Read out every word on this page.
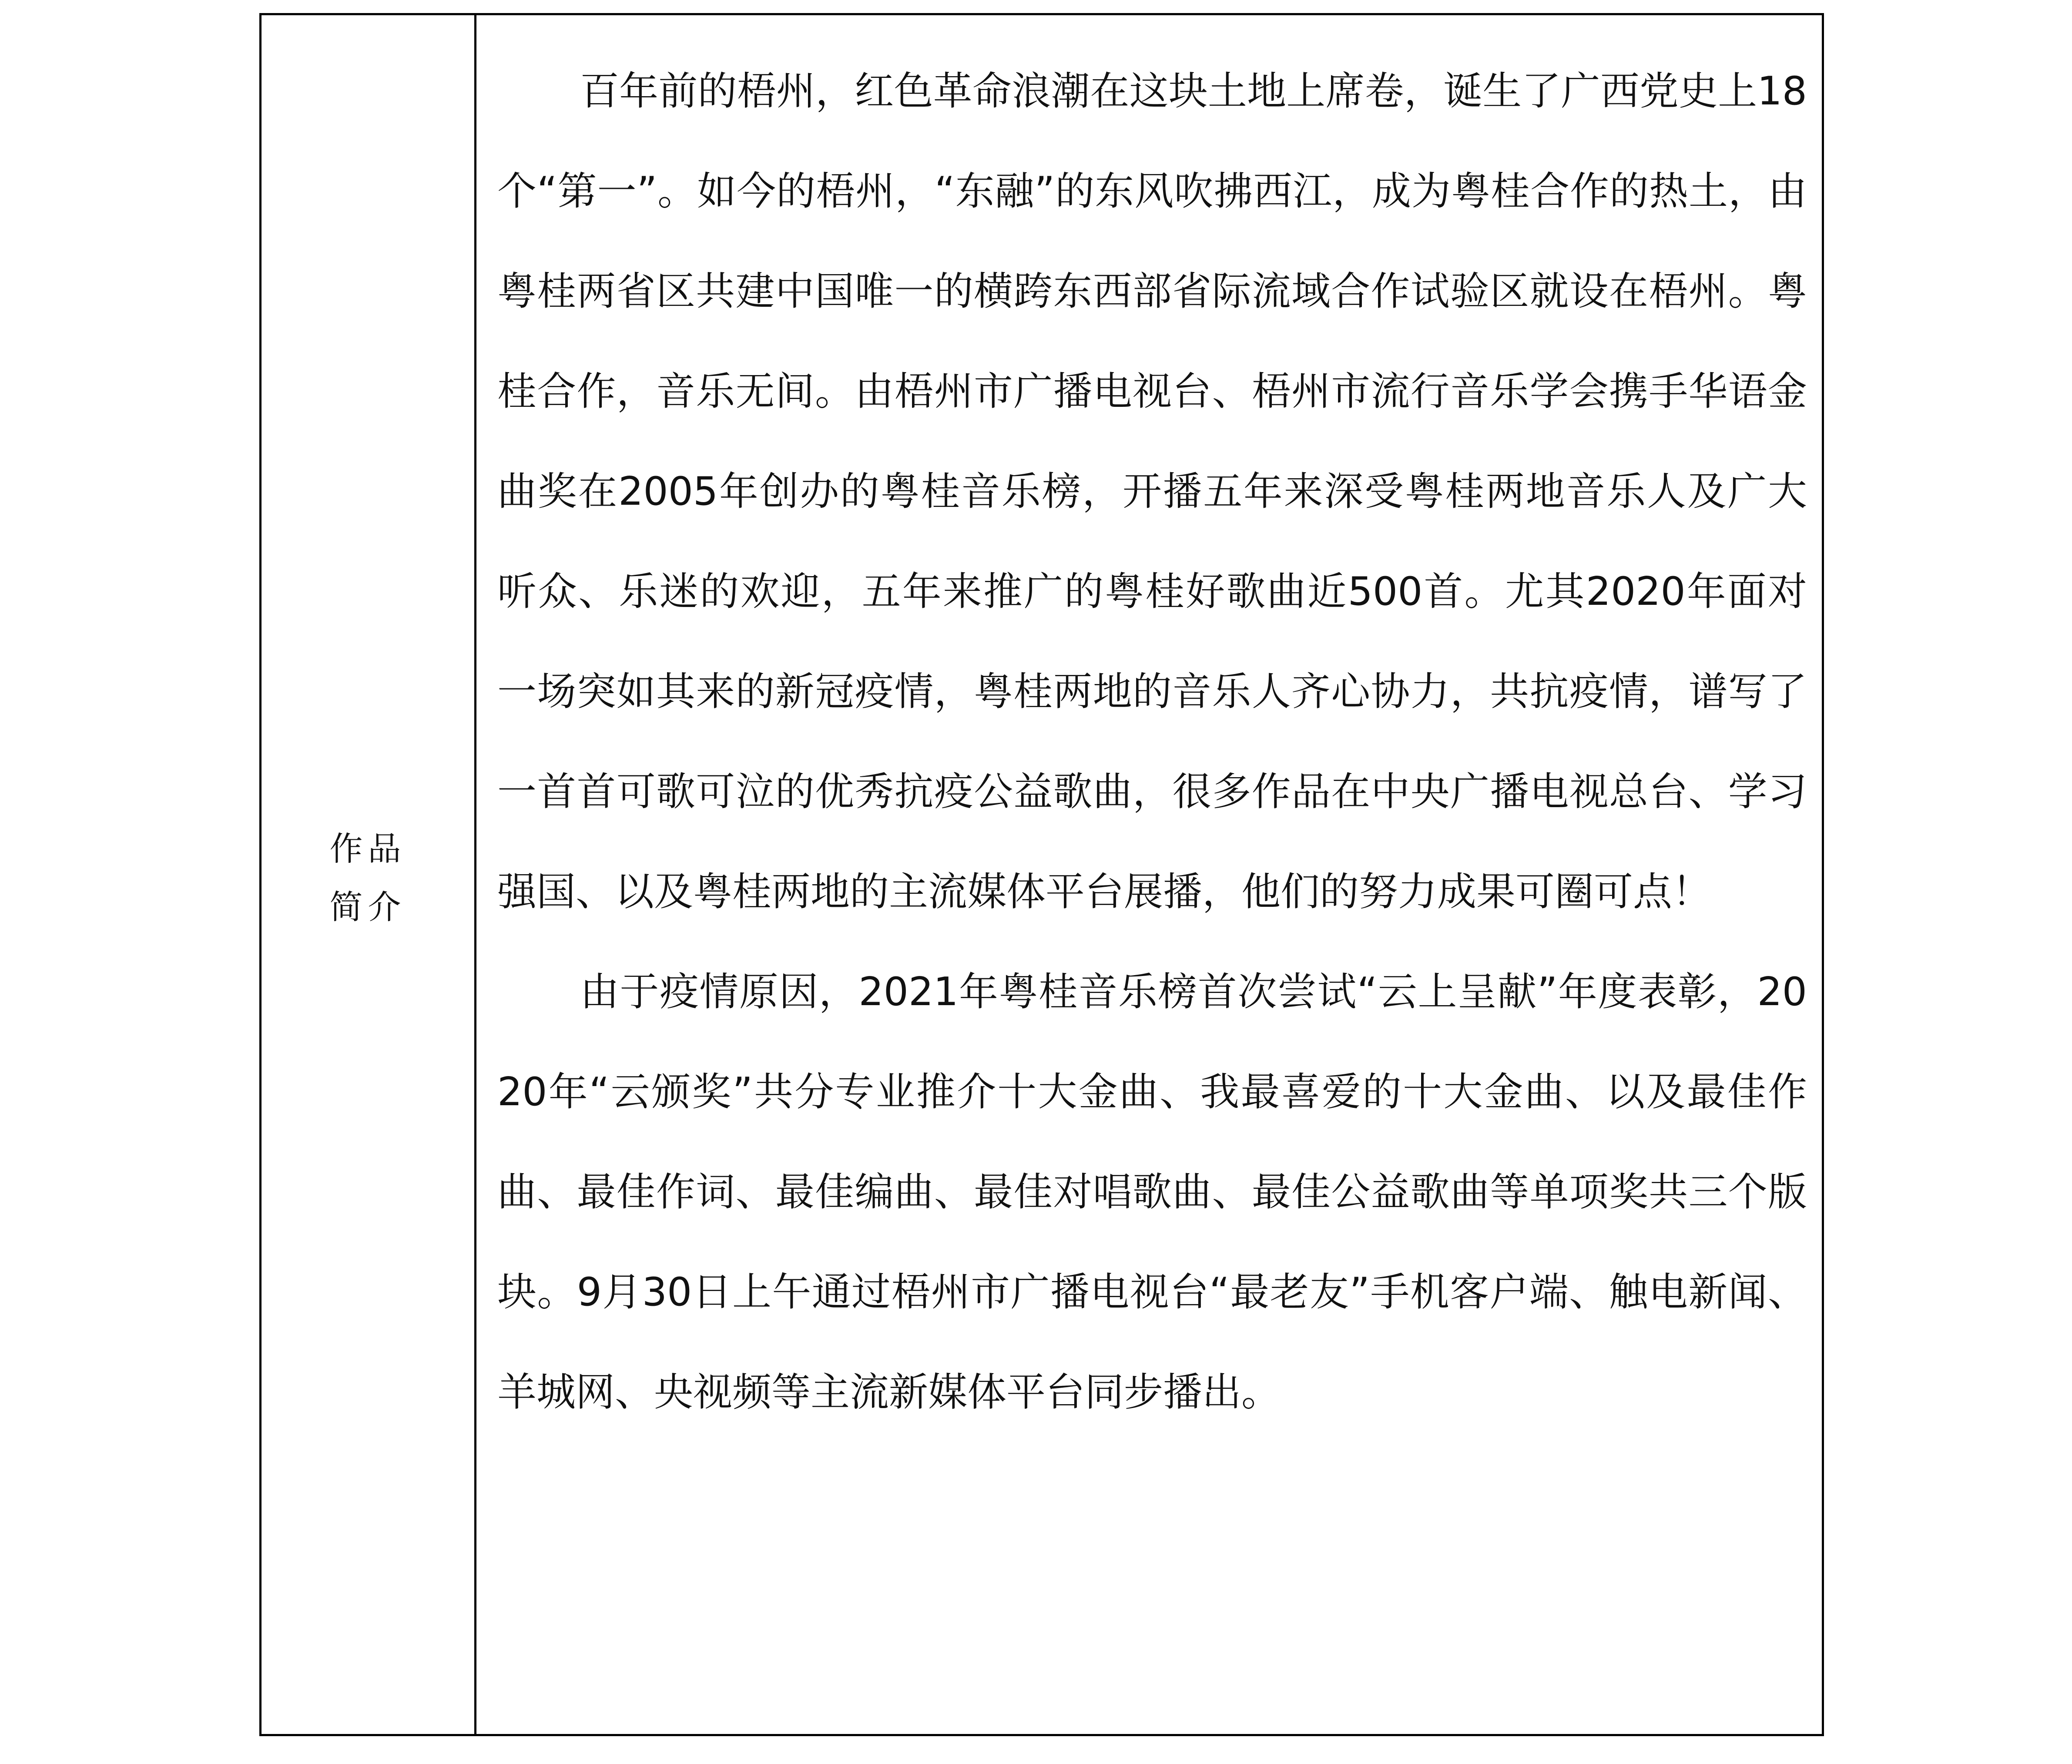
作品简介

百年前的梧州，红色革命浪潮在这块土地上席卷，诞生了广西党史上18个“第一”。如今的梧州，“东融”的东风吹拂西江，成为粤桂合作的热土，由粤桂两省区共建中国唯一的横跨东西部省际流域合作试验区就设在梧州。粤桂合作，音乐无间。由梧州市广播电视台、梧州市流行音乐学会携手华语金曲奖在2005年创办的粤桂音乐榜，开播五年来深受粤桂两地音乐人及广大听众、乐迷的欢迎，五年来推广的粤桂好歌曲近500首。尤其2020年面对一场突如其来的新冠疫情，粤桂两地的音乐人齐心协力，共抗疫情，谱写了一首首可歌可泣的优秀抗疫公益歌曲，很多作品在中央广播电视总台、学习强国、以及粤桂两地的主流媒体平台展播，他们的努力成果可圈可点！

由于疫情原因，2021年粤桂音乐榜首次尝试“云上呈献”年度表彰，2020年“云颁奖”共分专业推介十大金曲、我最喜爱的十大金曲、以及最佳作曲、最佳作词、最佳编曲、最佳对唱歌曲、最佳公益歌曲等单项奖共三个版块。9月30日上午通过梧州市广播电视台“最老友”手机客户端、触电新闻、羊城网、央视频等主流新媒体平台同步播出。
